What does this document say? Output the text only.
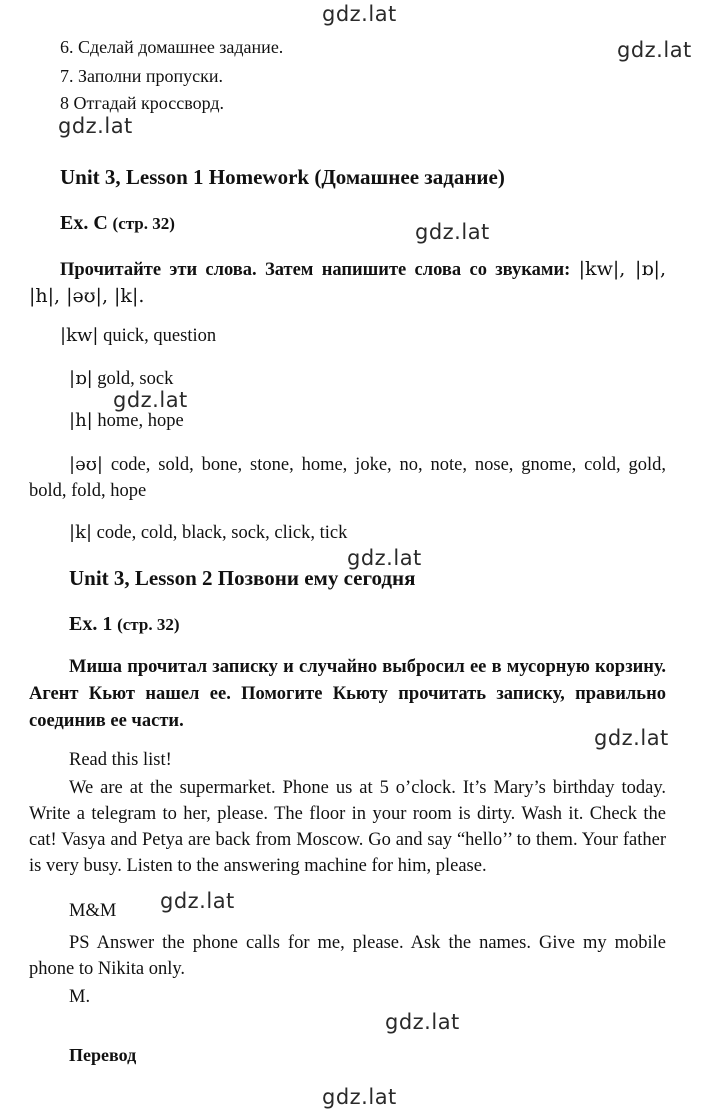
gdz.lat
gdz.lat
gdz.lat
gdz.lat
gdz.lat
gdz.lat
gdz.lat
gdz.lat
gdz.lat
gdz.lat
6. Сделай домашнее задание.
7. Заполни пропуски.
8 Отгадай кроссворд.
Unit 3, Lesson 1 Homework (Домашнее задание)
Ex. C (стр. 32)
Прочитайте эти слова. Затем напишите слова со звуками: |kw|, |ɒ|, |h|, |əʊ|, |k|.
|kw| quick, question
|ɒ| gold, sock
|h| home, hope
|əʊ| code, sold, bone, stone, home, joke, no, note, nose, gnome, cold, gold, bold, fold, hope
|k| code, cold, black, sock, click, tick
Unit 3, Lesson 2 Позвони ему сегодня
Ex. 1 (стр. 32)
Миша прочитал записку и случайно выбросил ее в мусорную корзину. Агент Кьют нашел ее. Помогите Кьюту прочитать записку, правильно соединив ее части.
Read this list!
We are at the supermarket. Phone us at 5 o’clock. It’s Mary’s birthday today. Write a telegram to her, please. The floor in your room is dirty. Wash it. Check the cat! Vasya and Petya are back from Moscow. Go and say “hello’’ to them. Your father is very busy. Listen to the answering machine for him, please.
M&M
PS Answer the phone calls for me, please. Ask the names. Give my mobile phone to Nikita only.
M.
Перевод
